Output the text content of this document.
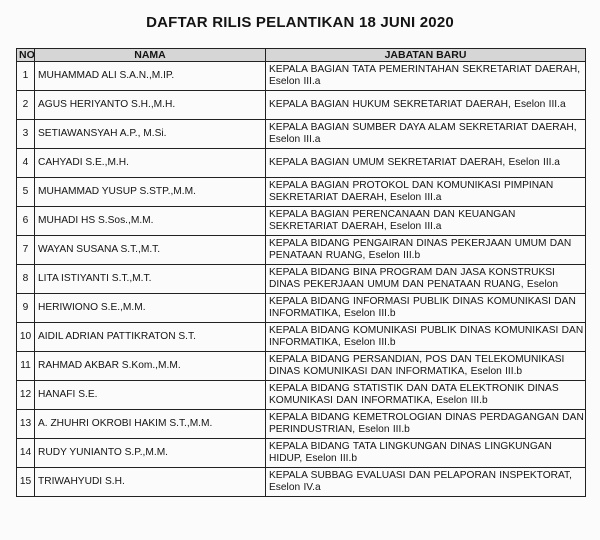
DAFTAR RILIS PELANTIKAN 18 JUNI 2020
NO	NAMA	JABATAN BARU
1	MUHAMMAD ALI S.A.N.,M.IP.	KEPALA BAGIAN TATA PEMERINTAHAN SEKRETARIAT DAERAH, Eselon III.a

2	AGUS HERIYANTO S.H.,M.H.	KEPALA BAGIAN HUKUM SEKRETARIAT DAERAH, Eselon III.a

3	SETIAWANSYAH A.P., M.Si.	KEPALA BAGIAN SUMBER DAYA ALAM SEKRETARIAT DAERAH, Eselon III.a

4	CAHYADI S.E.,M.H.	KEPALA BAGIAN UMUM SEKRETARIAT DAERAH, Eselon III.a

5	MUHAMMAD YUSUP S.STP.,M.M.	KEPALA BAGIAN PROTOKOL DAN KOMUNIKASI PIMPINAN SEKRETARIAT DAERAH, Eselon III.a

6	MUHADI HS S.Sos.,M.M.	KEPALA BAGIAN PERENCANAAN DAN KEUANGAN SEKRETARIAT DAERAH, Eselon III.a

7	WAYAN SUSANA S.T.,M.T.	KEPALA BIDANG PENGAIRAN DINAS PEKERJAAN UMUM DAN PENATAAN RUANG, Eselon III.b

8	LITA ISTIYANTI S.T.,M.T.	KEPALA BIDANG BINA PROGRAM DAN JASA KONSTRUKSI DINAS PEKERJAAN UMUM DAN PENATAAN RUANG, Eselon

9	HERIWIONO S.E.,M.M.	KEPALA BIDANG INFORMASI PUBLIK DINAS KOMUNIKASI DAN INFORMATIKA, Eselon III.b

10	AIDIL ADRIAN PATTIKRATON S.T.	KEPALA BIDANG KOMUNIKASI PUBLIK DINAS KOMUNIKASI DAN INFORMATIKA, Eselon III.b

11	RAHMAD AKBAR S.Kom.,M.M.	KEPALA BIDANG PERSANDIAN, POS DAN TELEKOMUNIKASI DINAS KOMUNIKASI DAN INFORMATIKA, Eselon III.b

12	HANAFI S.E.	KEPALA BIDANG STATISTIK DAN DATA ELEKTRONIK DINAS KOMUNIKASI DAN INFORMATIKA, Eselon III.b

13	A. ZHUHRI OKROBI HAKIM S.T.,M.M.	KEPALA BIDANG KEMETROLOGIAN DINAS PERDAGANGAN DAN PERINDUSTRIAN, Eselon III.b

14	RUDY YUNIANTO S.P.,M.M.	KEPALA BIDANG TATA LINGKUNGAN DINAS LINGKUNGAN HIDUP, Eselon III.b

15	TRIWAHYUDI S.H.	KEPALA SUBBAG EVALUASI DAN PELAPORAN INSPEKTORAT, Eselon IV.a
